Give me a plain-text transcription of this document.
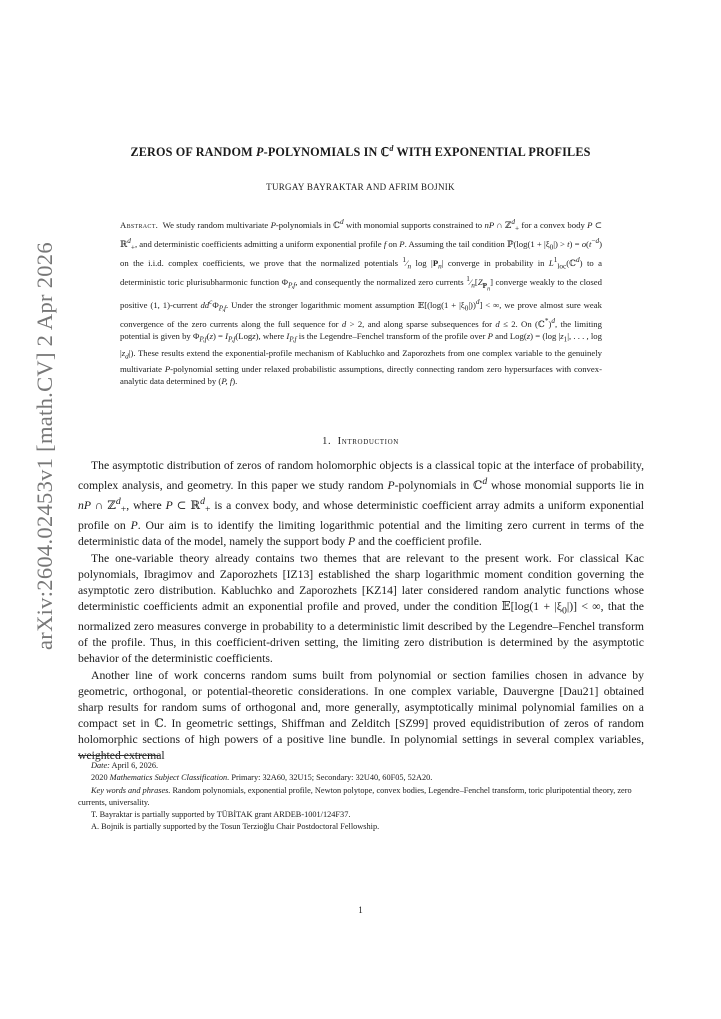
arXiv:2604.02453v1 [math.CV] 2 Apr 2026
ZEROS OF RANDOM P-POLYNOMIALS IN ℂ$^d$ WITH EXPONENTIAL PROFILES
TURGAY BAYRAKTAR AND AFRIM BOJNIK
Abstract.  We study random multivariate P-polynomials in ℂ$^d$ with monomial supports constrained to nP ∩ ℤ$^d_+$ for a convex body P ⊂ ℝ$^d_+$, and deterministic coefficients admitting a uniform exponential profile f on P. Assuming the tail condition ℙ(log(1 + $|\xi_0|) > t) = o(t^{-d})$ on the i.i.d. complex coefficients, we prove that the normalized potentials $^1⁄_n$ $\log |P_n|$ converge in probability in $L^1_{loc}(ℂ^d)$ to a deterministic toric plurisubharmonic function $\Phi_{P,f}$, and consequently the normalized zero currents $^1⁄_n[Z_{P_n}]$ converge weakly to the closed positive (1, 1)-current $dd^c\Phi_{P,f}$. Under the stronger logarithmic moment assumption 𝔼[(log(1 + $|\xi_0|))^d$] < ∞, we prove almost sure weak convergence of the zero currents along the full sequence for d > 2, and along sparse subsequences for d ≤ 2. On (ℂ*)$^d$, the limiting potential is given by $\Phi_{P,f}(z)$ = $I_{P,f}(Logz)$, where $I_{P,f}$ is the Legendre–Fenchel transform of the profile over P and Log(z) = (log $|z_1|$, . . . , $\log |z_d|$). These results extend the exponential-profile mechanism of Kabluchko and Zaporozhets from one complex variable to the genuinely multivariate P-polynomial setting under relaxed probabilistic assumptions, directly connecting random zero hypersurfaces with convex-analytic data determined by (P, f).
1. Introduction

The asymptotic distribution of zeros of random holomorphic objects is a classical topic at the interface of probability, complex analysis, and geometry. In this paper we study random P-polynomials in ℂ$^d$ whose monomial supports lie in nP ∩ ℤ$^d_+$, where P ⊂ ℝ$^d_+$ is a convex body, and whose deterministic coefficient array admits a uniform exponential profile on P. Our aim is to identify the limiting logarithmic potential and the limiting zero current in terms of the deterministic data of the model, namely the support body P and the coefficient profile.

The one-variable theory already contains two themes that are relevant to the present work. For classical Kac polynomials, Ibragimov and Zaporozhets [IZ13] established the sharp logarithmic moment condition governing the asymptotic zero distribution. Kabluchko and Zaporozhets [KZ14] later considered random analytic functions whose deterministic coefficients admit an exponential profile and proved, under the condition 𝔼[log(1 + $|\xi_0|$)] < ∞, that the normalized zero measures converge in probability to a deterministic limit described by the Legendre–Fenchel transform of the profile. Thus, in this coefficient-driven setting, the limiting zero distribution is determined by the asymptotic behavior of the deterministic coefficients.

Another line of work concerns random sums built from polynomial or section families chosen in advance by geometric, orthogonal, or potential-theoretic considerations. In one complex variable, Dauvergne [Dau21] obtained sharp results for random sums of orthogonal and, more generally, asymptotically minimal polynomial families on a compact set in ℂ. In geometric settings, Shiffman and Zelditch [SZ99] proved equidistribution of zeros of random holomorphic sections of high powers of a positive line bundle. In polynomial settings in several complex variables, weighted extremal

Date: April 6, 2026.

2020 Mathematics Subject Classification. Primary: 32A60, 32U15; Secondary: 32U40, 60F05, 52A20.

Key words and phrases. Random polynomials, exponential profile, Newton polytope, convex bodies, Legendre–Fenchel transform, toric pluripotential theory, zero currents, universality.

T. Bayraktar is partially supported by TÜBİTAK grant ARDEB-1001/124F37.

A. Bojnik is partially supported by the Tosun Terzioğlu Chair Postdoctoral Fellowship.

1
